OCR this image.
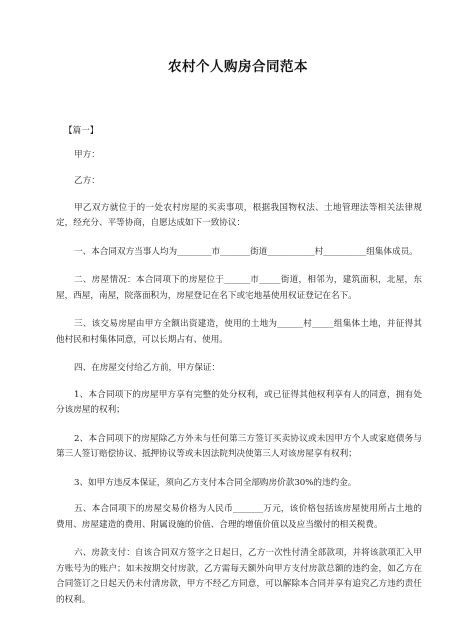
农村个人购房合同范本

【篇一】

甲方：

乙方：

甲乙双方就位于的一处农村房屋的买卖事项，根据我国物权法、土地管理法等相关法律规定，经充分、平等协商，自愿达成如下一致协议：

一、本合同双方当事人均为________市_______街道___________村__________组集体成员。

二、房屋情况：本合同项下的房屋位于______市_____街道，相邻为，建筑面积，北屋，东屋，西屋，南屋，院落面积为，房屋登记在名下或宅地基使用权证登记在名下。

三、该交易房屋由甲方全额出资建造，使用的土地为______村_____组集体土地，并征得其他村民和村集体同意，可以长期占有、使用。

四、在房屋交付给乙方前，甲方保证：

1、本合同项下的房屋甲方享有完整的处分权利，或已征得其他权利享有人的同意，拥有处分该房屋的权利；

2、本合同项下的房屋除乙方外未与任何第三方签订买卖协议或未因甲方个人或家庭债务与第三人签订赔偿协议、抵押协议等或未因法院判决使第三人对该房屋享有权利；

3、如甲方违反本保证，须向乙方支付本合同全部购房价款30%的违约金。

五、本合同项下的房屋交易价格为人民币_______万元，该价格包括该房屋使用所占土地的费用、房屋建造的费用、附属设施的价值、合理的增值价值以及应当缴付的相关税费。

六、房款支付：自该合同双方签字之日起日，乙方一次性付清全部款项，并将该款项汇入甲方账号为的账户；如未按期交付房款，乙方需每天额外向甲方支付房款总额的违约金，如乙方在合同签订之日起天仍未付清房款，甲方不经乙方同意，可以解除本合同并享有追究乙方违约责任的权利。
